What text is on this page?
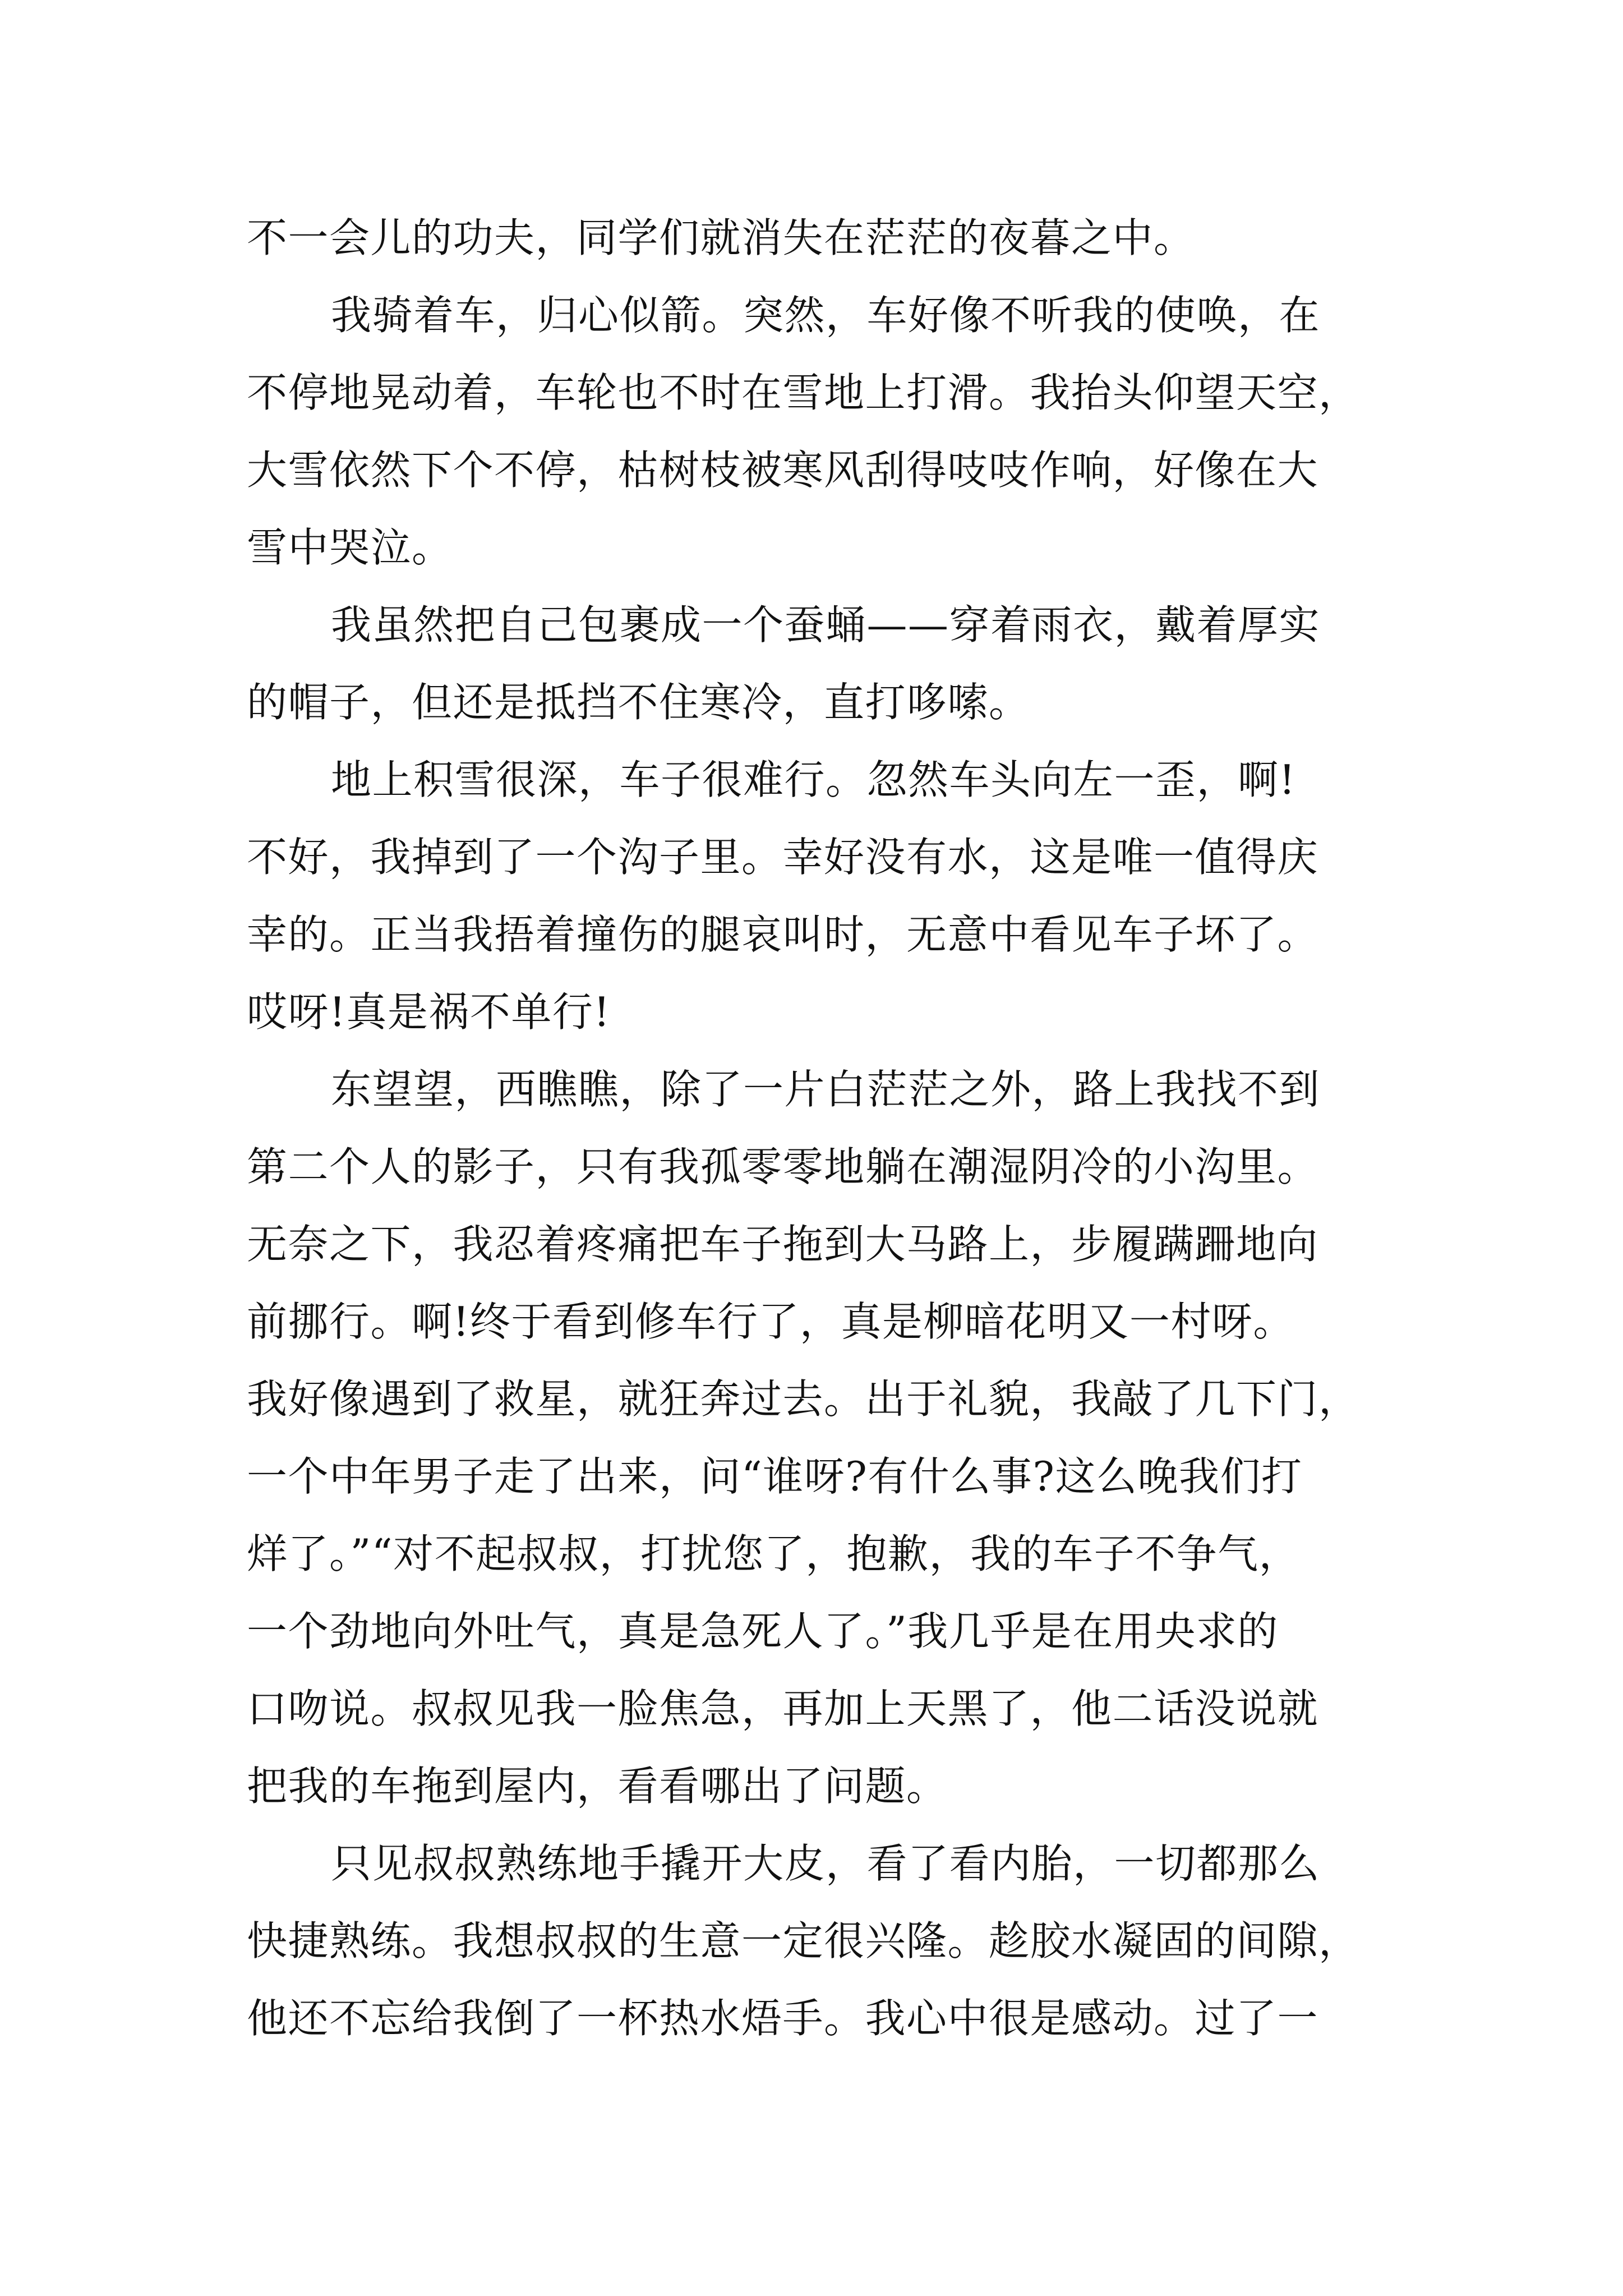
不一会儿的功夫，同学们就消失在茫茫的夜暮之中。
我骑着车，归心似箭。突然，车好像不听我的使唤，在
不停地晃动着，车轮也不时在雪地上打滑。我抬头仰望天空，
大雪依然下个不停，枯树枝被寒风刮得吱吱作响，好像在大
雪中哭泣。
我虽然把自己包裹成一个蚕蛹——穿着雨衣，戴着厚实
的帽子，但还是抵挡不住寒冷，直打哆嗦。
地上积雪很深，车子很难行。忽然车头向左一歪，啊!
不好，我掉到了一个沟子里。幸好没有水，这是唯一值得庆
幸的。正当我捂着撞伤的腿哀叫时，无意中看见车子坏了。
哎呀!真是祸不单行!
东望望，西瞧瞧，除了一片白茫茫之外，路上我找不到
第二个人的影子，只有我孤零零地躺在潮湿阴冷的小沟里。
无奈之下，我忍着疼痛把车子拖到大马路上，步履蹒跚地向
前挪行。啊!终于看到修车行了，真是柳暗花明又一村呀。
我好像遇到了救星，就狂奔过去。出于礼貌，我敲了几下门，
一个中年男子走了出来，问“谁呀?有什么事?这么晚我们打
烊了。”“对不起叔叔，打扰您了，抱歉，我的车子不争气，
一个劲地向外吐气，真是急死人了。”我几乎是在用央求的
口吻说。叔叔见我一脸焦急，再加上天黑了，他二话没说就
把我的车拖到屋内，看看哪出了问题。
只见叔叔熟练地手撬开大皮，看了看内胎，一切都那么
快捷熟练。我想叔叔的生意一定很兴隆。趁胶水凝固的间隙，
他还不忘给我倒了一杯热水焐手。我心中很是感动。过了一
